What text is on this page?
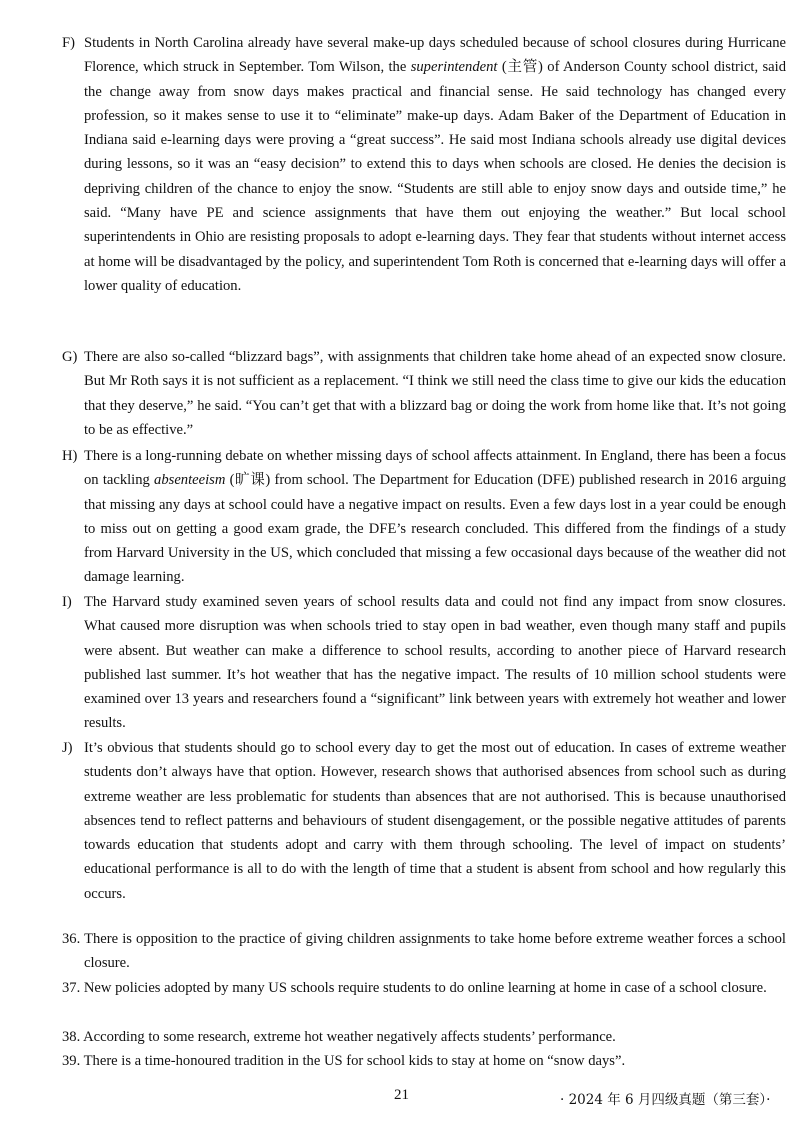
F) Students in North Carolina already have several make-up days scheduled because of school closures during Hurricane Florence, which struck in September. Tom Wilson, the superintendent (主管) of Anderson County school district, said the change away from snow days makes practical and financial sense. He said technology has changed every profession, so it makes sense to use it to “eliminate” make-up days. Adam Baker of the Department of Education in Indiana said e-learning days were proving a “great success”. He said most Indiana schools already use digital devices during lessons, so it was an “easy decision” to extend this to days when schools are closed. He denies the decision is depriving children of the chance to enjoy the snow. “Students are still able to enjoy snow days and outside time,” he said. “Many have PE and science assignments that have them out enjoying the weather.” But local school superintendents in Ohio are resisting proposals to adopt e-learning days. They fear that students without internet access at home will be disadvantaged by the policy, and superintendent Tom Roth is concerned that e-learning days will offer a lower quality of education.
G) There are also so-called “blizzard bags”, with assignments that children take home ahead of an expected snow closure. But Mr Roth says it is not sufficient as a replacement. “I think we still need the class time to give our kids the education that they deserve,” he said. “You can’t get that with a blizzard bag or doing the work from home like that. It’s not going to be as effective.”
H) There is a long-running debate on whether missing days of school affects attainment. In England, there has been a focus on tackling absenteeism (旷课) from school. The Department for Education (DFE) published research in 2016 arguing that missing any days at school could have a negative impact on results. Even a few days lost in a year could be enough to miss out on getting a good exam grade, the DFE’s research concluded. This differed from the findings of a study from Harvard University in the US, which concluded that missing a few occasional days because of the weather did not damage learning.
I) The Harvard study examined seven years of school results data and could not find any impact from snow closures. What caused more disruption was when schools tried to stay open in bad weather, even though many staff and pupils were absent. But weather can make a difference to school results, according to another piece of Harvard research published last summer. It’s hot weather that has the negative impact. The results of 10 million school students were examined over 13 years and researchers found a “significant” link between years with extremely hot weather and lower results.
J) It’s obvious that students should go to school every day to get the most out of education. In cases of extreme weather students don’t always have that option. However, research shows that authorised absences from school such as during extreme weather are less problematic for students than absences that are not authorised. This is because unauthorised absences tend to reflect patterns and behaviours of student disengagement, or the possible negative attitudes of parents towards education that students adopt and carry with them through schooling. The level of impact on students’ educational performance is all to do with the length of time that a student is absent from school and how regularly this occurs.
36. There is opposition to the practice of giving children assignments to take home before extreme weather forces a school closure.
37. New policies adopted by many US schools require students to do online learning at home in case of a school closure.
38. According to some research, extreme hot weather negatively affects students’ performance.
39. There is a time-honoured tradition in the US for school kids to stay at home on “snow days”.
21	· 2024 年 6 月四级真题（第三套）·
